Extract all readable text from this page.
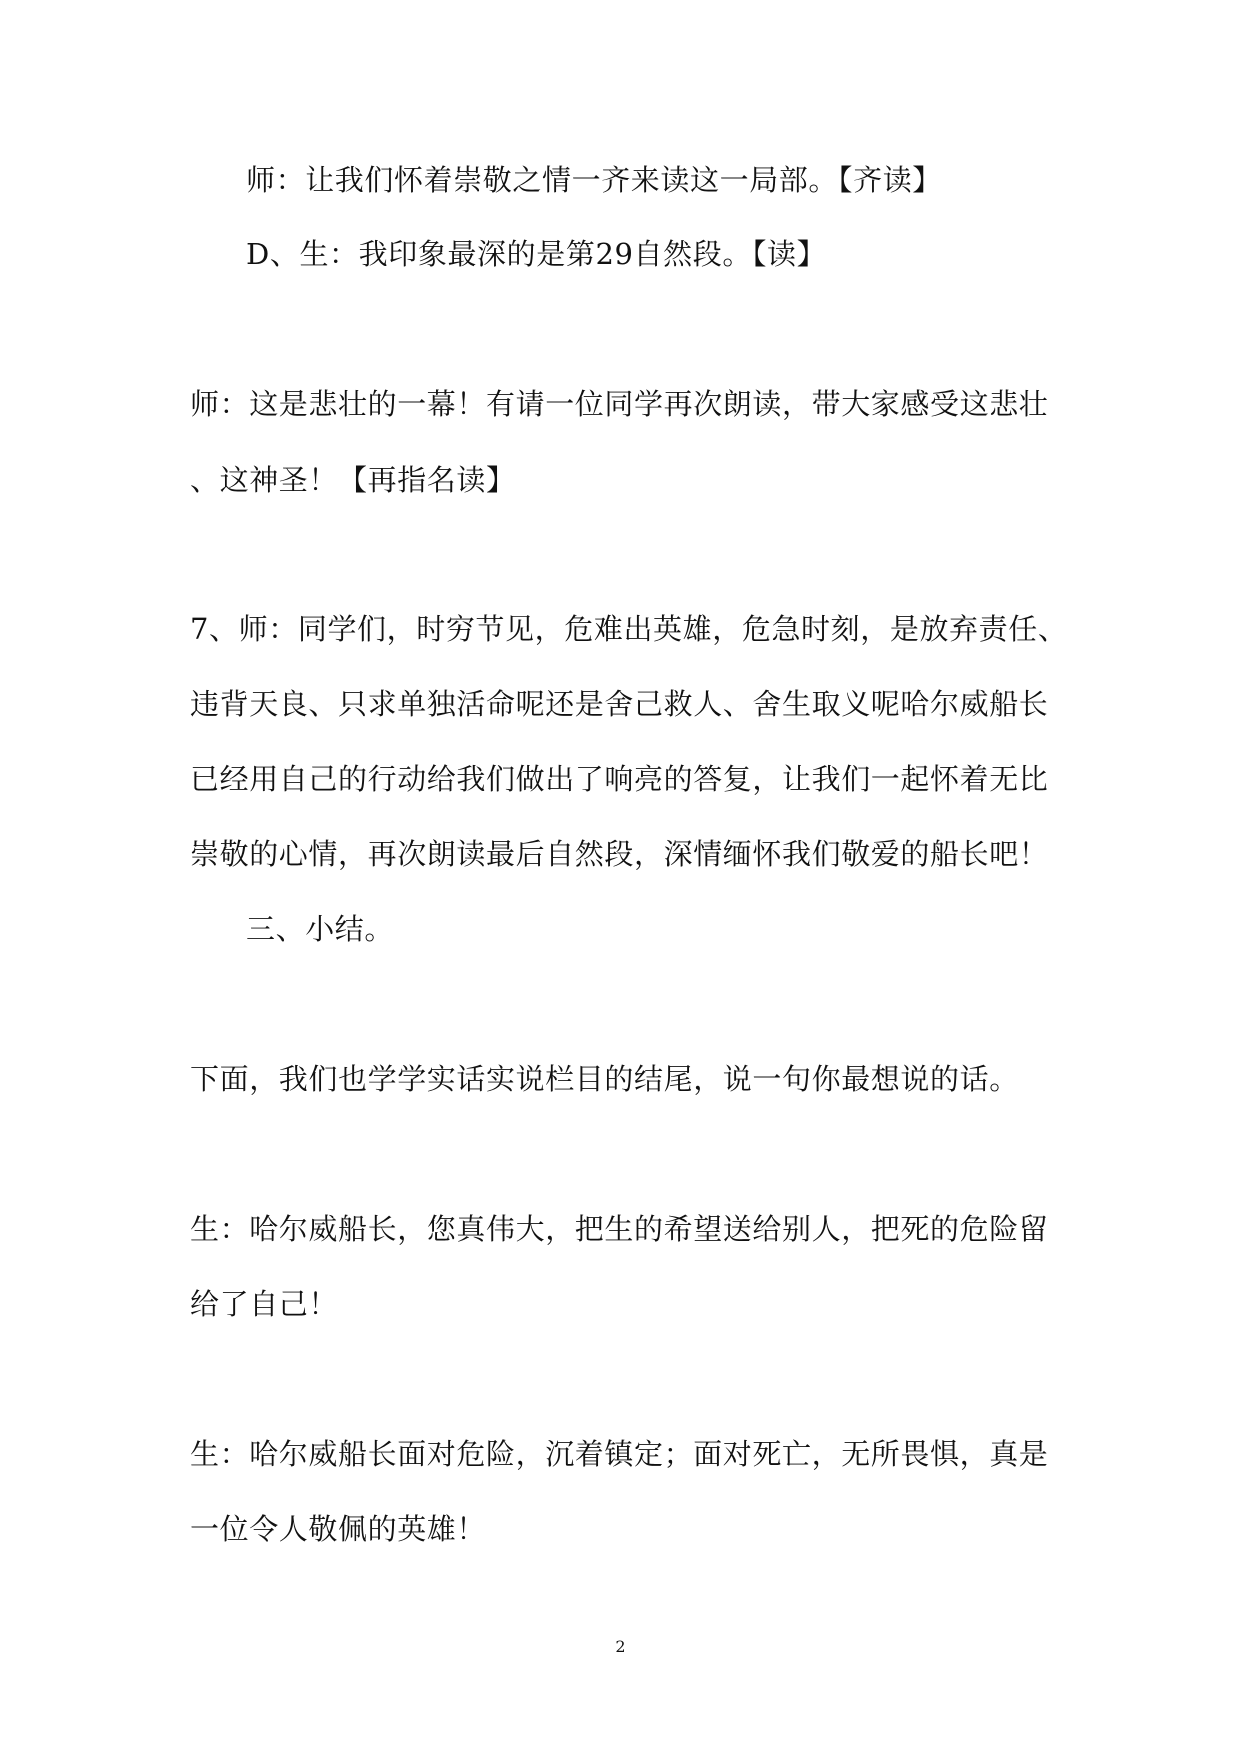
师：让我们怀着崇敬之情一齐来读这一局部。【齐读】
D、生：我印象最深的是第29自然段。【读】
师：这是悲壮的一幕！有请一位同学再次朗读，带大家感受这悲壮
、这神圣！【再指名读】
7、师：同学们，时穷节见，危难出英雄，危急时刻，是放弃责任、
违背天良、只求单独活命呢还是舍己救人、舍生取义呢哈尔威船长
已经用自己的行动给我们做出了响亮的答复，让我们一起怀着无比
崇敬的心情，再次朗读最后自然段，深情缅怀我们敬爱的船长吧！
三、小结。
下面，我们也学学实话实说栏目的结尾，说一句你最想说的话。
生：哈尔威船长，您真伟大，把生的希望送给别人，把死的危险留
给了自己！
生：哈尔威船长面对危险，沉着镇定；面对死亡，无所畏惧，真是
一位令人敬佩的英雄！
2
